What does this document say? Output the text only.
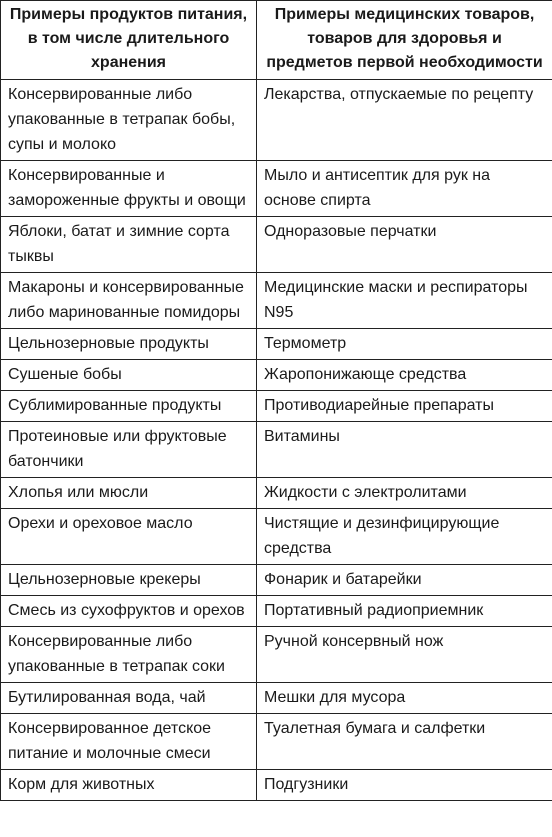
Примеры продуктов питания, в том числе длительного хранения	Примеры медицинских товаров, товаров для здоровья и предметов первой необходимости
Консервированные либо упакованные в тетрапак бобы, супы и молоко	Лекарства, отпускаемые по рецепту
Консервированные и замороженные фрукты и овощи	Мыло и антисептик для рук на основе спирта
Яблоки, батат и зимние сорта тыквы	Одноразовые перчатки
Макароны и консервированные либо маринованные помидоры	Медицинские маски и респираторы N95
Цельнозерновые продукты	Термометр
Сушеные бобы	Жаропонижающе средства
Сублимированные продукты	Противодиарейные препараты
Протеиновые или фруктовые батончики	Витамины
Хлопья или мюсли	Жидкости с электролитами
Орехи и ореховое масло	Чистящие и дезинфицирующие средства
Цельнозерновые крекеры	Фонарик и батарейки
Смесь из сухофруктов и орехов	Портативный радиоприемник
Консервированные либо упакованные в тетрапак соки	Ручной консервный нож
Бутилированная вода, чай	Мешки для мусора
Консервированное детское питание и молочные смеси	Туалетная бумага и салфетки
Корм для животных	Подгузники
